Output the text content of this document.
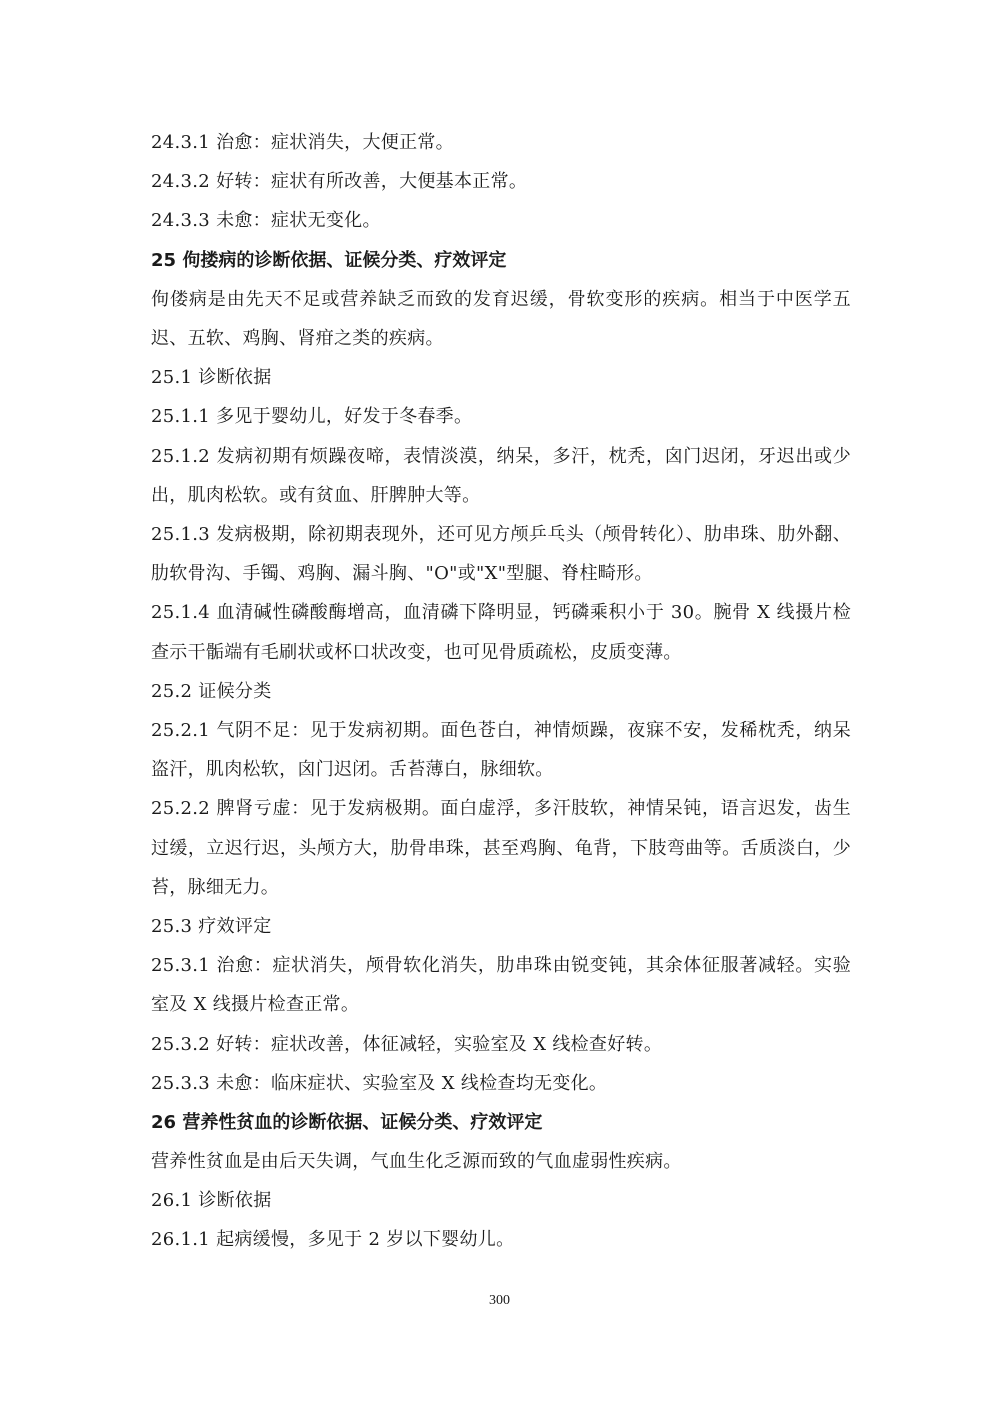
24.3.1 治愈：症状消失，大便正常。
24.3.2 好转：症状有所改善，大便基本正常。
24.3.3 未愈：症状无变化。
25 佝搂病的诊断依据、证候分类、疗效评定
佝偻病是由先天不足或营养缺乏而致的发育迟缓，骨软变形的疾病。相当于中医学五迟、五软、鸡胸、肾疳之类的疾病。
25.1 诊断依据
25.1.1 多见于婴幼儿，好发于冬春季。
25.1.2 发病初期有烦躁夜啼，表情淡漠，纳呆，多汗，枕秃，囟门迟闭，牙迟出或少出，肌肉松软。或有贫血、肝脾肿大等。
25.1.3 发病极期，除初期表现外，还可见方颅乒乓头（颅骨转化）、肋串珠、肋外翻、肋软骨沟、手镯、鸡胸、漏斗胸、"O"或"X"型腿、脊柱畸形。
25.1.4 血清碱性磷酸酶增高，血清磷下降明显，钙磷乘积小于 30。腕骨 X 线摄片检查示干骺端有毛刷状或杯口状改变，也可见骨质疏松，皮质变薄。
25.2 证候分类
25.2.1 气阴不足：见于发病初期。面色苍白，神情烦躁，夜寐不安，发稀枕秃，纳呆盗汗，肌肉松软，囟门迟闭。舌苔薄白，脉细软。
25.2.2 脾肾亏虚：见于发病极期。面白虚浮，多汗肢软，神情呆钝，语言迟发，齿生过缓，立迟行迟，头颅方大，肋骨串珠，甚至鸡胸、龟背，下肢弯曲等。舌质淡白，少苔，脉细无力。
25.3 疗效评定
25.3.1 治愈：症状消失，颅骨软化消失，肋串珠由锐变钝，其余体征服著减轻。实验室及 X 线摄片检查正常。
25.3.2 好转：症状改善，体征减轻，实验室及 X 线检查好转。
25.3.3 未愈：临床症状、实验室及 X 线检查均无变化。
26 营养性贫血的诊断依据、证候分类、疗效评定
营养性贫血是由后天失调，气血生化乏源而致的气血虚弱性疾病。
26.1 诊断依据
26.1.1 起病缓慢，多见于 2 岁以下婴幼儿。
300
